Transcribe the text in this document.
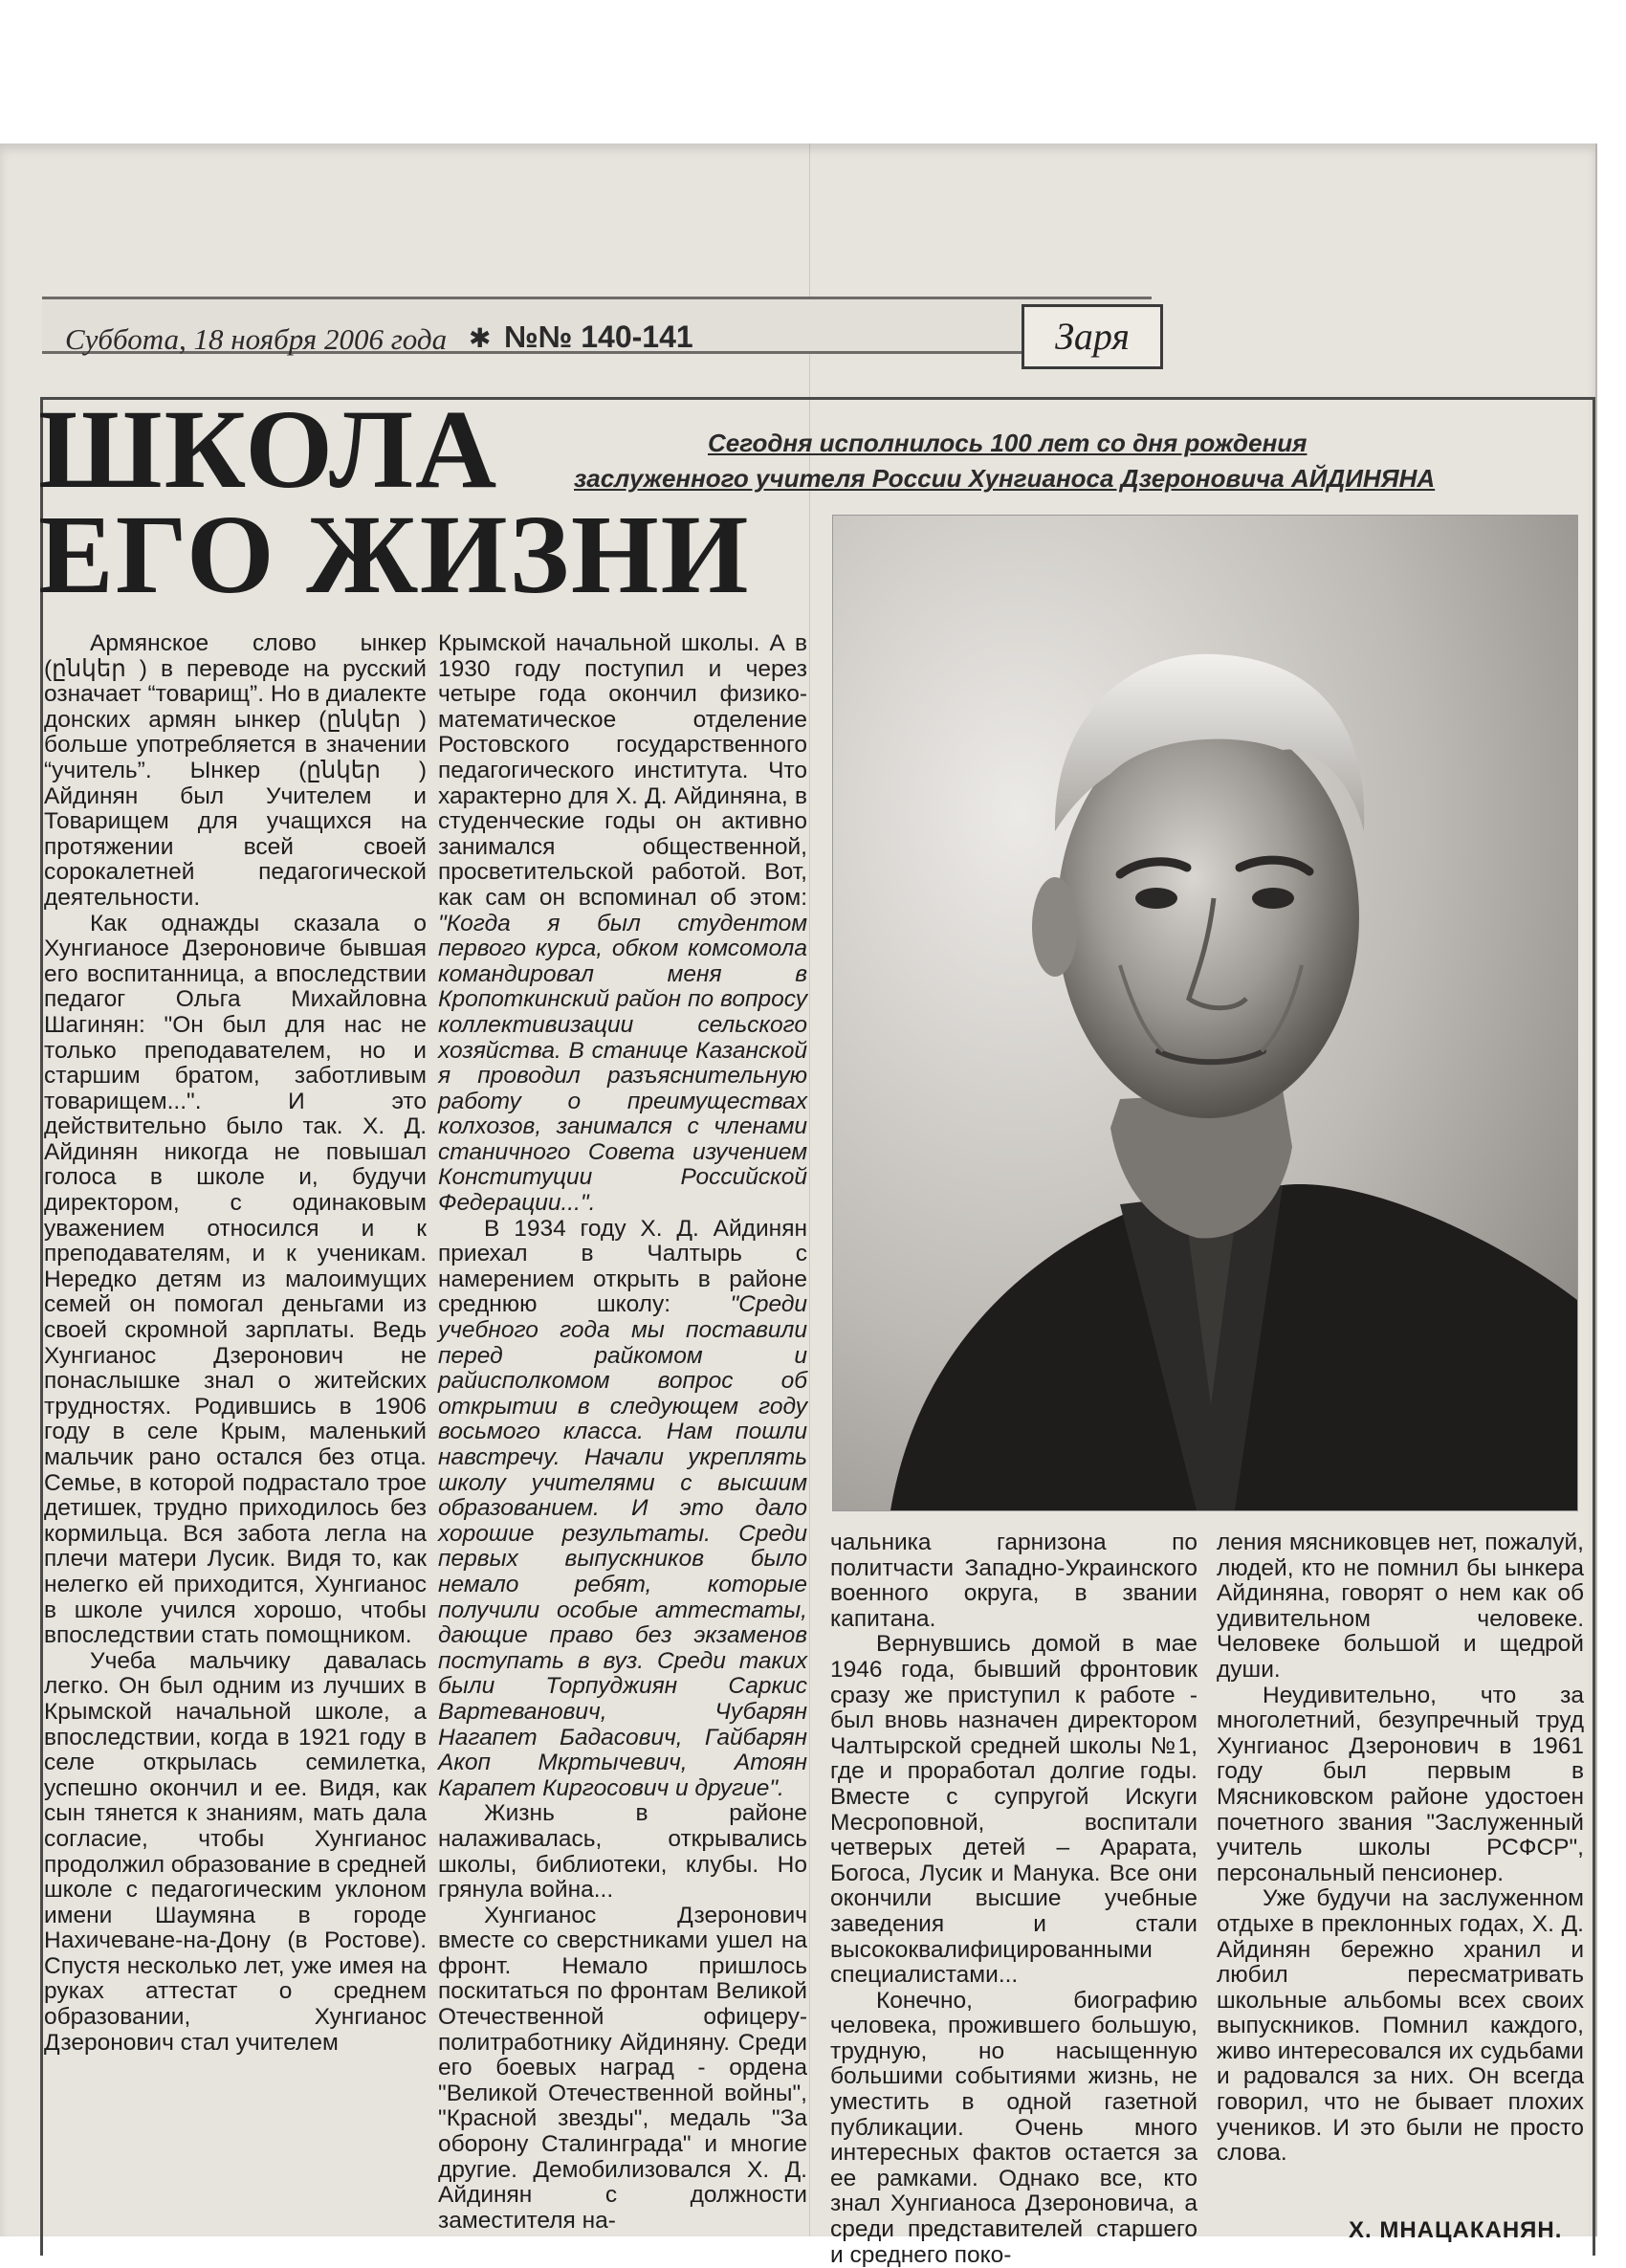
Суббота, 18 ноября 2006 года ✱ №№ 140-141	Заря
ШКОЛА
ЕГО ЖИЗНИ
Сегодня исполнилось 100 лет со дня рождения
заслуженного учителя России Хунгианоса Дзероновича АЙДИНЯНА

Армянское слово ынкер (ընկեր ) в переводе на русский означает “товарищ”. Но в диалекте донских армян ынкер (ընկեր ) больше употребляется в значении “учитель”. Ынкер (ընկեր ) Айдинян был Учителем и Товарищем для учащихся на протяжении всей своей сорокалетней педагогической деятельности.

Как однажды сказала о Хунгианосе Дзероновиче бывшая его воспитанница, а впоследствии педагог Ольга Михайловна Шагинян: "Он был для нас не только преподавателем, но и старшим братом, заботливым товарищем...". И это действительно было так. Х. Д. Айдинян никогда не повышал голоса в школе и, будучи директором, с одинаковым уважением относился и к преподавателям, и к ученикам. Нередко детям из малоимущих семей он помогал деньгами из своей скромной зарплаты. Ведь Хунгианос Дзеронович не понаслышке знал о житейских трудностях. Родившись в 1906 году в селе Крым, маленький мальчик рано остался без отца. Семье, в которой подрастало трое детишек, трудно приходилось без кормильца. Вся забота легла на плечи матери Лусик. Видя то, как нелегко ей приходится, Хунгианос в школе учился хорошо, чтобы впоследствии стать помощником.

Учеба мальчику давалась легко. Он был одним из лучших в Крымской начальной школе, а впоследствии, когда в 1921 году в селе открылась семилетка, успешно окончил и ее. Видя, как сын тянется к знаниям, мать дала согласие, чтобы Хунгианос продолжил образование в средней школе с педагогическим уклоном имени Шаумяна в городе Нахичеване-на-Дону (в Ростове). Спустя несколько лет, уже имея на руках аттестат о среднем образовании, Хунгианос Дзеронович стал учителем

Крымской начальной школы. А в 1930 году поступил и через четыре года окончил физико-математическое отделение Ростовского государственного педагогического института. Что характерно для Х. Д. Айдиняна, в студенческие годы он активно занимался общественной, просветительской работой. Вот, как сам он вспоминал об этом: "Когда я был студентом первого курса, обком комсомола командировал меня в Кропоткинский район по вопросу коллективизации сельского хозяйства. В станице Казанской я проводил разъяснительную работу о преимуществах колхозов, занимался с членами станичного Совета изучением Конституции Российской Федерации...".

В 1934 году Х. Д. Айдинян приехал в Чалтырь с намерением открыть в районе среднюю школу:	"Среди учебного года мы поставили перед райкомом и райисполкомом вопрос об открытии в следующем году восьмого класса. Нам пошли навстречу. Начали укреплять школу учителями с высшим образованием. И это дало хорошие результаты. Среди первых выпускников было немало ребят, которые получили особые аттестаты, дающие право без экзаменов поступать в вуз. Среди таких были Торпуджиян Саркис Вартеванович, Чубарян Нагапет Бадасович, Гайбарян Акоп Мкртычевич, Атоян Карапет Киргосович и другие".

Жизнь в районе налаживалась, открывались школы, библиотеки, клубы. Но грянула война...

Хунгианос Дзеронович вместе со сверстниками ушел на фронт. Немало пришлось поскитаться по фронтам Великой Отечественной офицеру-политработнику Айдиняну. Среди его боевых наград - ордена "Великой Отечественной войны", "Красной звезды", медаль "За оборону Сталинграда" и многие другие. Демобилизовался Х. Д. Айдинян с должности заместителя на-

чальника гарнизона по политчасти Западно-Украинского военного округа, в звании капитана.

Вернувшись домой в мае 1946 года, бывший фронтовик сразу же приступил к работе - был вновь назначен директором Чалтырской средней школы №1, где и проработал долгие годы. Вместе с супругой Искуги Месроповной, воспитали четверых детей – Арарата, Богоса, Лусик и Манука. Все они окончили высшие учебные заведения и стали высококвалифицированными специалистами...

Конечно, биографию человека, прожившего большую, трудную, но насыщенную большими событиями жизнь, не уместить в одной газетной публикации. Очень много интересных фактов остается за ее рамками. Однако все, кто знал Хунгианоса Дзероновича, а среди представителей старшего и среднего поко-

ления мясниковцев нет, пожалуй, людей, кто не помнил бы ынкера Айдиняна, говорят о нем как об удивительном человеке. Человеке большой и щедрой души.

Неудивительно, что за многолетний, безупречный труд Хунгианос Дзеронович в 1961 году был первым в Мясниковском районе удостоен почетного звания "Заслуженный учитель школы РСФСР", персональный пенсионер.

Уже будучи на заслуженном отдыхе в преклонных годах, Х. Д. Айдинян бережно хранил и любил пересматривать школьные альбомы всех своих выпускников. Помнил каждого, живо интересовался их судьбами и радовался за них. Он всегда говорил, что не бывает плохих учеников. И это были не просто слова.

Х. МНАЦАКАНЯН.
